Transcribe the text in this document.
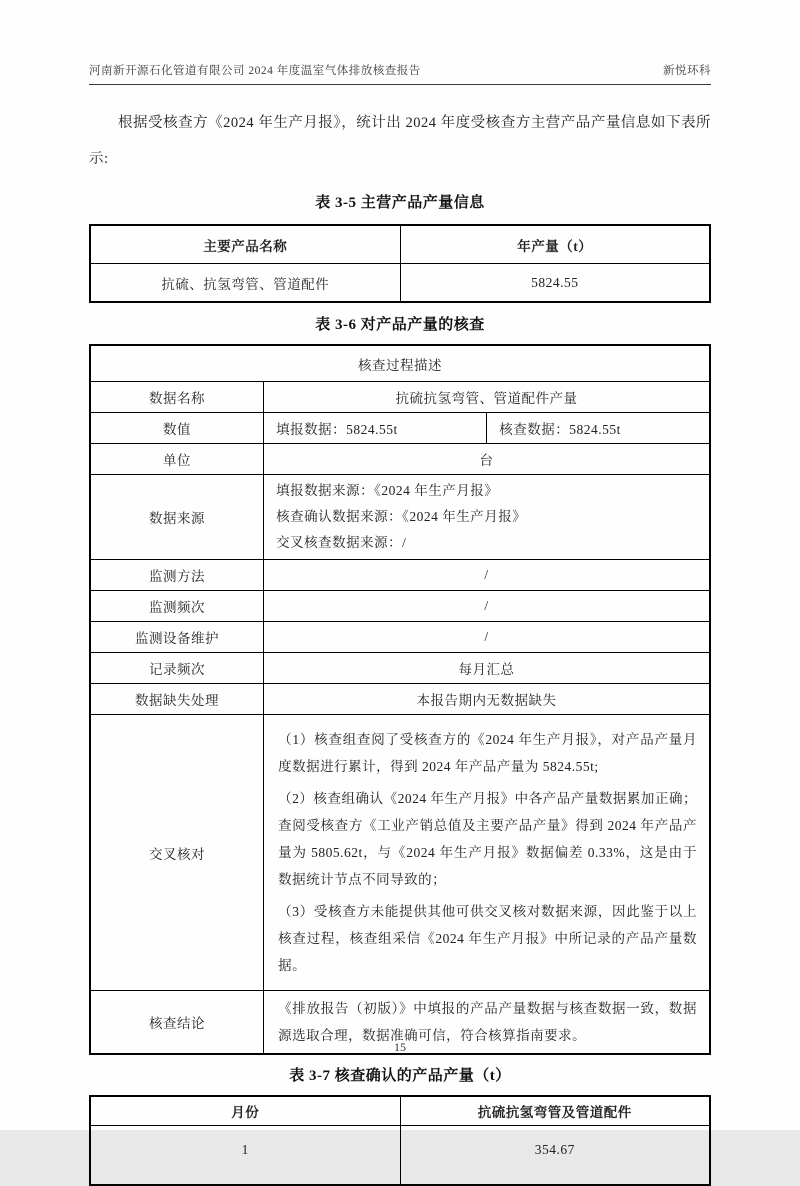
河南新开源石化管道有限公司 2024 年度温室气体排放核查报告	新悦环科

根据受核查方《2024 年生产月报》，统计出 2024 年度受核查方主营产品产量信息如下表所示:

表 3-5 主营产品产量信息
主要产品名称	年产量（t）
抗硫、抗氢弯管、管道配件	5824.55
表 3-6 对产品产量的核查
核查过程描述		
数据名称	抗硫抗氢弯管、管道配件产量	
数值	填报数据：5824.55t	核查数据：5824.55t
单位	台	
数据来源	填报数据来源：《2024 年生产月报》
核查确认数据来源：《2024 年生产月报》
交叉核查数据来源：/	

监测方法	/	
监测频次	/	
监测设备维护	/	
记录频次	每月汇总	
数据缺失处理	本报告期内无数据缺失	
交叉核对	（1）核查组查阅了受核查方的《2024 年生产月报》，对产品产量月度数据进行累计，得到 2024 年产品产量为 5824.55t;

（2）核查组确认《2024 年生产月报》中各产品产量数据累加正确；查阅受核查方《工业产销总值及主要产品产量》得到 2024 年产品产量为 5805.62t，与《2024 年生产月报》数据偏差 0.33%，这是由于数据统计节点不同导致的；

（3）受核查方未能提供其他可供交叉核对数据来源，因此鉴于以上核查过程，核查组采信《2024 年生产月报》中所记录的产品产量数据。	

核查结论	《排放报告（初版）》中填报的产品产量数据与核查数据一致，数据源选取合理，数据准确可信，符合核算指南要求。	
表 3-7 核查确认的产品产量（t）
月份	抗硫抗氢弯管及管道配件
1	354.67
15
